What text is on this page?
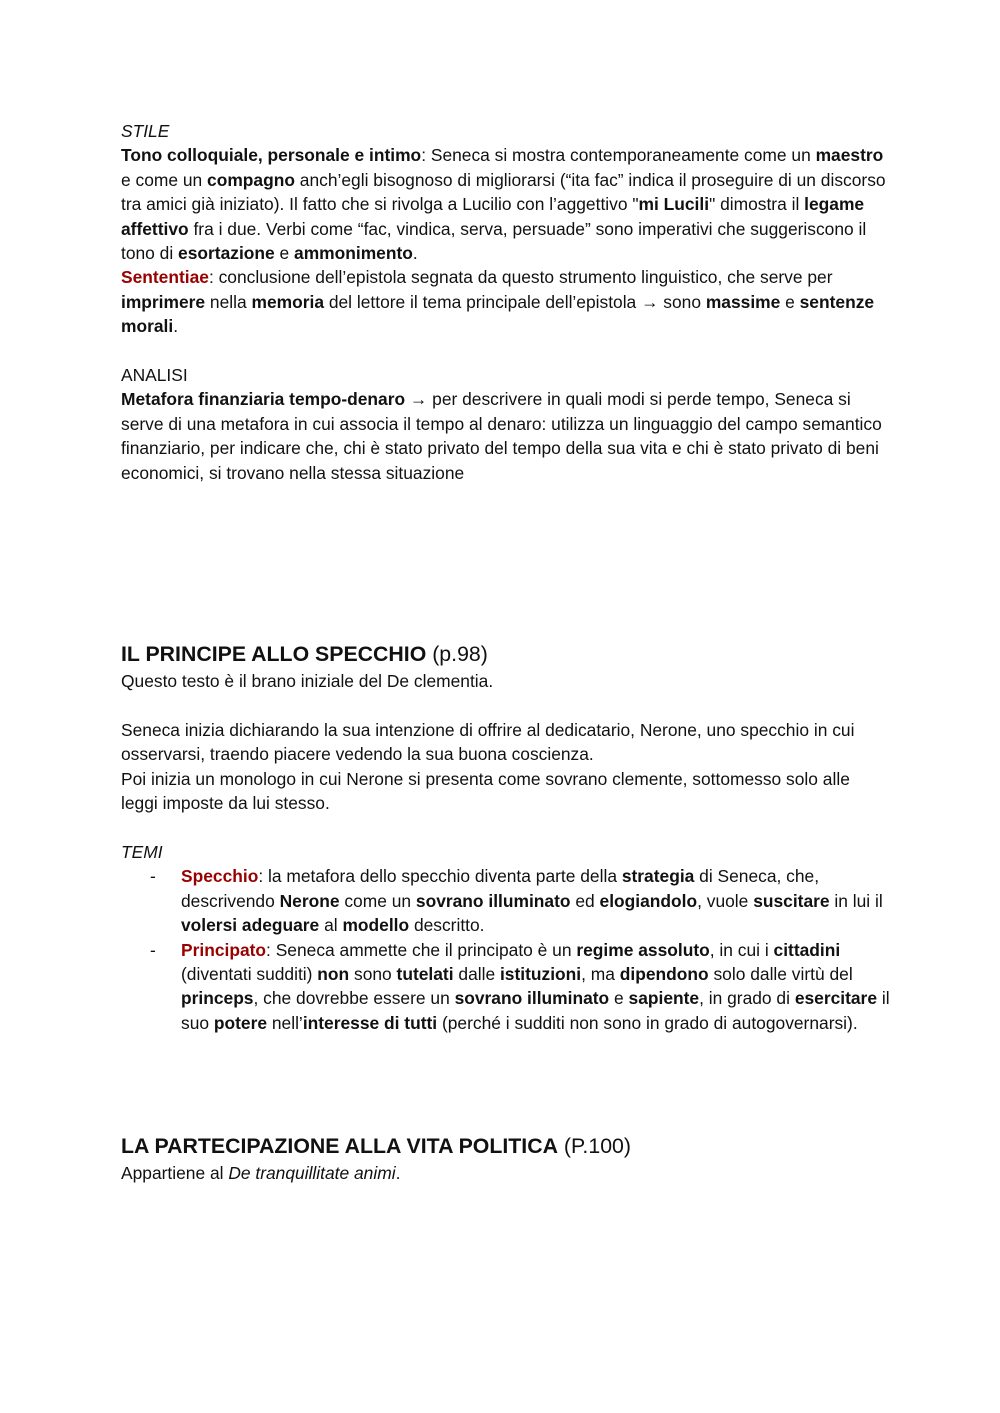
STILE

Tono colloquiale, personale e intimo: Seneca si mostra contemporaneamente come un maestro e come un compagno anch’egli bisognoso di migliorarsi (“ita fac” indica il proseguire di un discorso tra amici già iniziato). Il fatto che si rivolga a Lucilio con l’aggettivo "mi Lucili" dimostra il legame affettivo fra i due. Verbi come “fac, vindica, serva, persuade” sono imperativi che suggeriscono il tono di esortazione e ammonimento.

Sententiae: conclusione dell’epistola segnata da questo strumento linguistico, che serve per imprimere nella memoria del lettore il tema principale dell’epistola → sono massime e sentenze morali.

ANALISI

Metafora finanziaria tempo-denaro → per descrivere in quali modi si perde tempo, Seneca si serve di una metafora in cui associa il tempo al denaro: utilizza un linguaggio del campo semantico finanziario, per indicare che, chi è stato privato del tempo della sua vita e chi è stato privato di beni economici, si trovano nella stessa situazione

IL PRINCIPE ALLO SPECCHIO (p.98)

Questo testo è il brano iniziale del De clementia.

Seneca inizia dichiarando la sua intenzione di offrire al dedicatario, Nerone, uno specchio in cui osservarsi, traendo piacere vedendo la sua buona coscienza.

Poi inizia un monologo in cui Nerone si presenta come sovrano clemente, sottomesso solo alle leggi imposte da lui stesso.

TEMI

- Specchio: la metafora dello specchio diventa parte della strategia di Seneca, che, descrivendo Nerone come un sovrano illuminato ed elogiandolo, vuole suscitare in lui il volersi adeguare al modello descritto.
- Principato: Seneca ammette che il principato è un regime assoluto, in cui i cittadini (diventati sudditi) non sono tutelati dalle istituzioni, ma dipendono solo dalle virtù del princeps, che dovrebbe essere un sovrano illuminato e sapiente, in grado di esercitare il suo potere nell’interesse di tutti (perché i sudditi non sono in grado di autogovernarsi).
LA PARTECIPAZIONE ALLA VITA POLITICA (P.100)

Appartiene al De tranquillitate animi.
